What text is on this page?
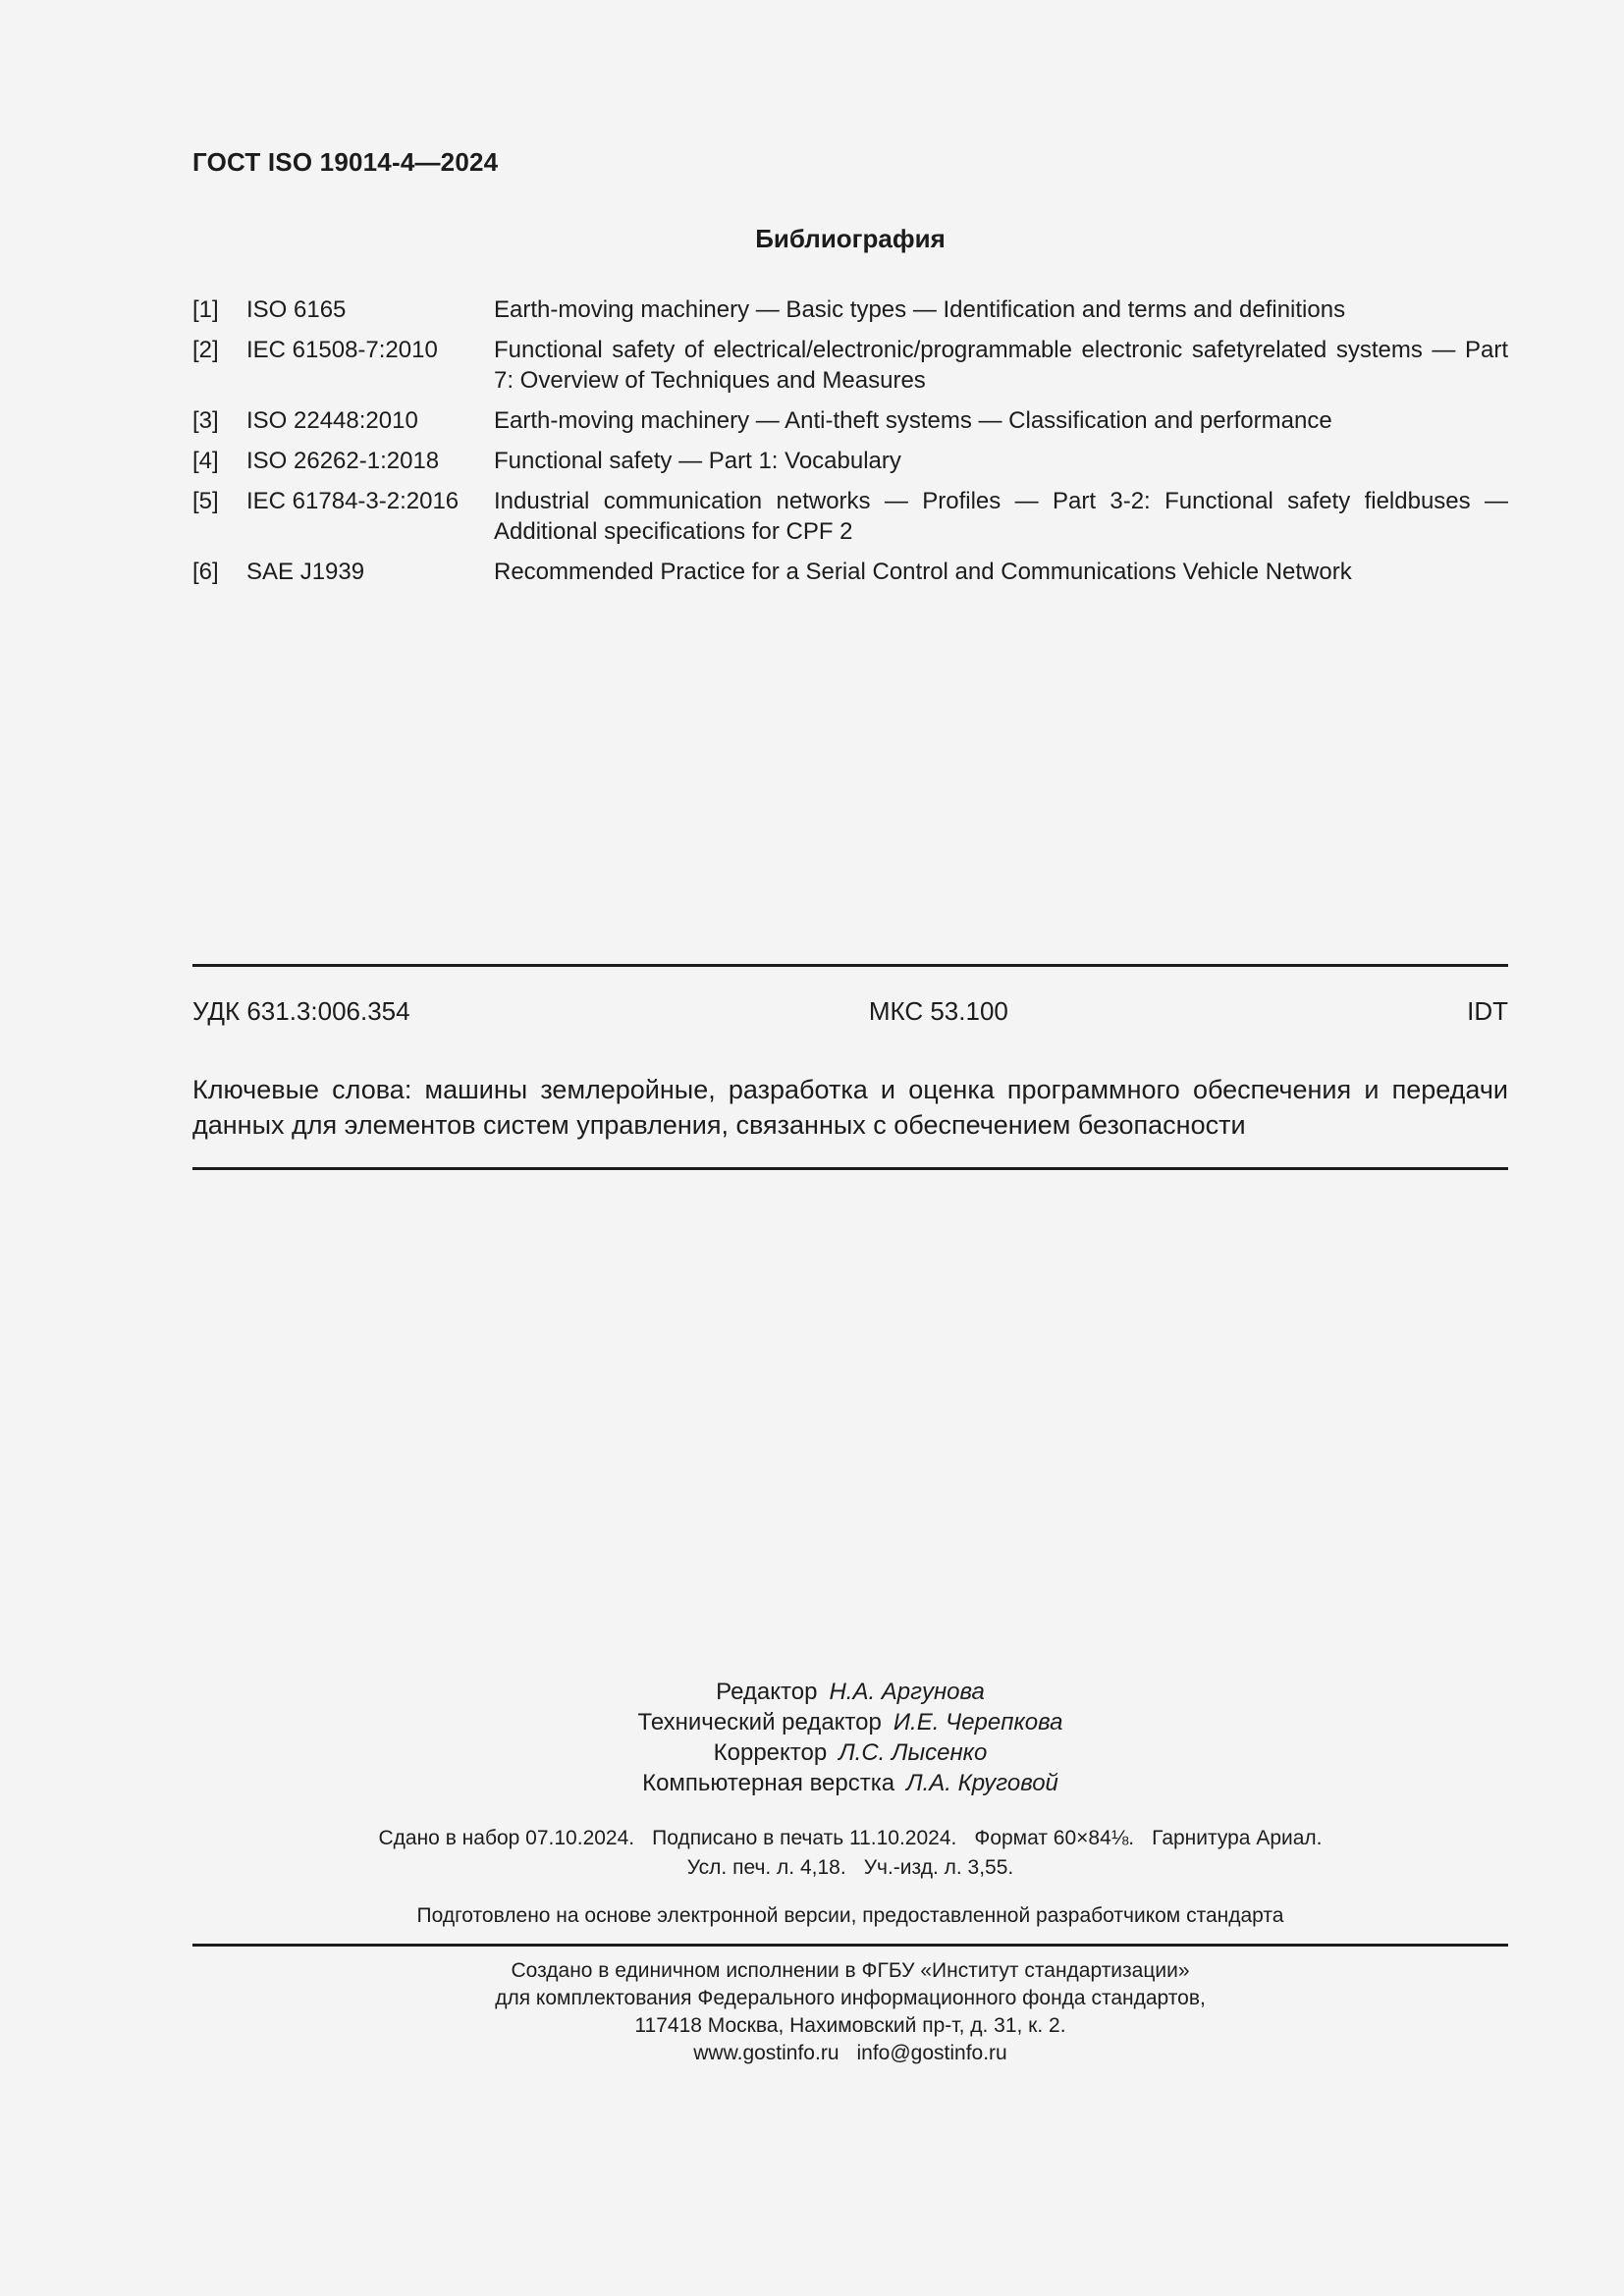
ГОСТ ISO 19014-4—2024
Библиография
[1]	ISO 6165	Earth-moving machinery — Basic types — Identification and terms and definitions
[2]	IEC 61508-7:2010	Functional safety of electrical/electronic/programmable electronic safetyrelated systems — Part 7: Overview of Techniques and Measures
[3]	ISO 22448:2010	Earth-moving machinery — Anti-theft systems — Classification and performance
[4]	ISO 26262-1:2018	Functional safety — Part 1: Vocabulary
[5]	IEC 61784-3-2:2016	Industrial communication networks — Profiles — Part 3-2: Functional safety fieldbuses — Additional specifications for CPF 2
[6]	SAE J1939	Recommended Practice for a Serial Control and Communications Vehicle Network
УДК 631.3:006.354	МКС 53.100	IDT
Ключевые слова: машины землеройные, разработка и оценка программного обеспечения и передачи данных для элементов систем управления, связанных с обеспечением безопасности
Редактор Н.А. Аргунова
Технический редактор И.Е. Черепкова
Корректор Л.С. Лысенко
Компьютерная верстка Л.А. Круговой
Сдано в набор 07.10.2024. Подписано в печать 11.10.2024. Формат 60×84⅛. Гарнитура Ариал.
Усл. печ. л. 4,18. Уч.-изд. л. 3,55.
Подготовлено на основе электронной версии, предоставленной разработчиком стандарта
Создано в единичном исполнении в ФГБУ «Институт стандартизации»
для комплектования Федерального информационного фонда стандартов,
117418 Москва, Нахимовский пр-т, д. 31, к. 2.
www.gostinfo.ru info@gostinfo.ru
